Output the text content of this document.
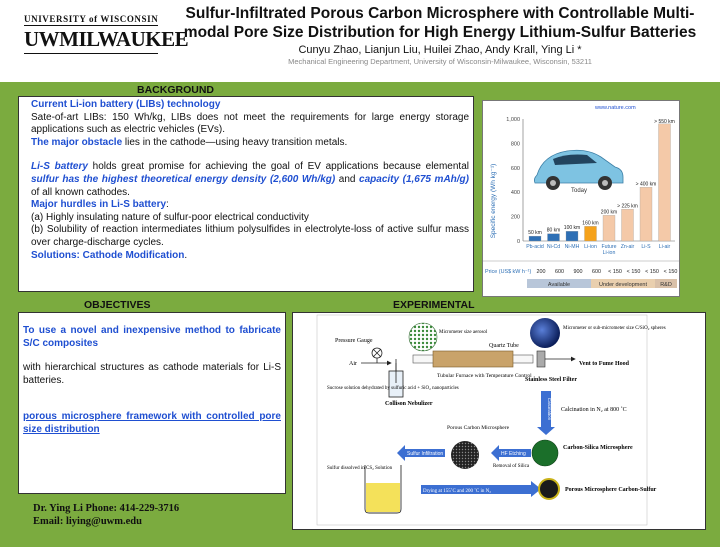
UNIVERSITY of WISCONSIN
UWMILWAUKEE
Sulfur-Infiltrated Porous Carbon Microsphere with Controllable Multi-
modal Pore Size Distribution for High Energy Lithium-Sulfur Batteries
Cunyu Zhao, Lianjun Liu, Huilei Zhao, Andy Krall, Ying Li *
Mechanical Engineering Department, University of Wisconsin-Milwaukee, Wisconsin, 53211
BACKGROUND

Current Li-ion battery (LIBs) technology

Sate-of-art LIBs: 150 Wh/kg, LIBs does not meet the requirements for large energy storage applications such as electric vehicles (EVs).

The major obstacle lies in the cathode—using heavy transition metals.

Li-S battery holds great promise for achieving the goal of EV applications because elemental sulfur has the highest theoretical energy density (2,600 Wh/kg) and capacity (1,675 mAh/g) of all known cathodes.

Major hurdles in Li-S battery:

(a) Highly insulating nature of sulfur-poor electrical conductivity

(b) Solubility of reaction intermediates lithium polysulfides in electrolyte-loss of active sulfur mass over charge-discharge cycles.

Solutions: Cathode Modification.

www.nature.com
Specific energy (Wh kg⁻¹)
1,000
800
600
400
200
0
50 km 80 km 100 km
160 km
200 km
> 225 km
> 400 km
> 550 km
Today
Pb-acid Ni-Cd Ni-MH Li-ion Future Li-ion
Zn-air Li-S Li-air
Price (US$ kW h⁻¹) 200 600 900 600 < 150 < 150 < 150 < 150
Available	Under development R&D
OBJECTIVES

To use a novel and inexpensive method to fabricate S/C composites

with hierarchical structures as cathode materials for Li-S batteries.

porous microsphere framework with controlled pore size distribution

Dr. Ying Li Phone: 414-229-3716
Email: liying@uwm.edu
EXPERIMENTAL
Pressure Gauge
Air
Sucrose solution dehydrated by sulfuric acid + SiO₂ nanoparticles
Collison Nebulizer
Micrometer size aerosol
Quartz Tube
Tubular Furnace with Temperature Control
Stainless Steel Filter
Vent to Fume Hood
Micrometer or sub-micrometer size C/SiO₂ spheres
Calcination Calcination in N₂ at 800 ˚C
Carbon-Silica Microsphere
HF Etching
Removal of Silica
Porous Carbon Microsphere
Sulfur Infiltration
Sulfur dissolved in CS₂ Solution
Drying at 155˚C and 200 ˚C in N₂	Porous Microsphere Carbon-Sulfur
